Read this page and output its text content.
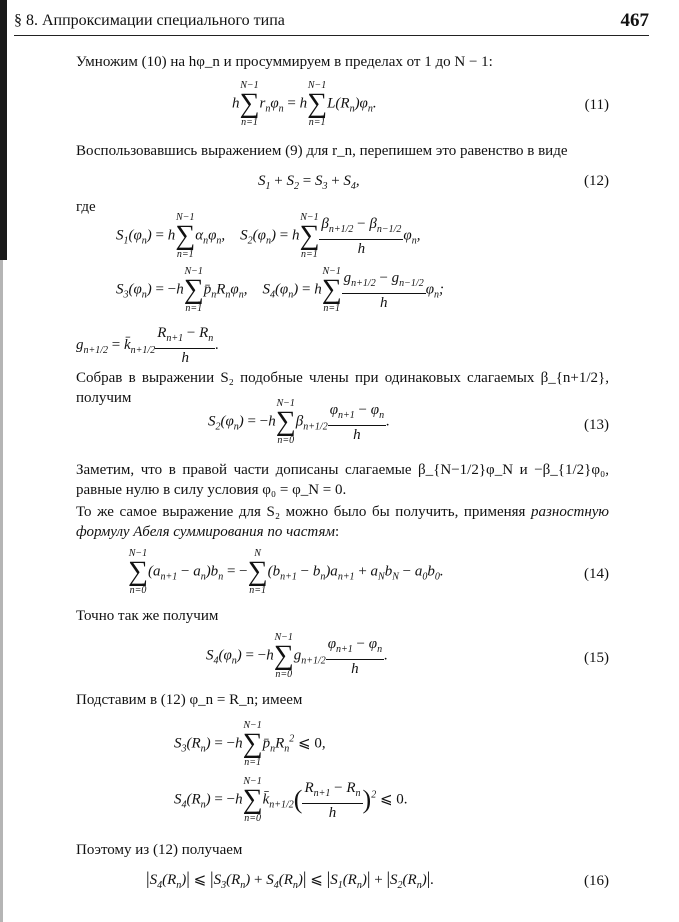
§ 8. Аппроксимации специального типа	467
Умножим (10) на hφ_n и просуммируем в пределах от 1 до N − 1:
h
N−1
∑
n=1
$r_n\varphi_n = h$
N−1
∑
n=1
$L(R_n)\varphi_n$.	(11)
Воспользовавшись выражением (9) для r_n, перепишем это равенство в виде
$S_1 + S_2 = S_3 + S_4$,	(12)
где
$S_1(\varphi_n) = h$
N−1
∑
n=1
$\alpha_n\varphi_n$,    $S_2(\varphi_n) = h$
N−1
∑
$n=1 \frac{\beta_{n+1/2} - \beta_{n-1/2}}{h} \varphi_n$,
$S_3(\varphi_n) = -h$
N−1
∑
n=1
$p̄_nR_n\varphi_n$,    $S_4(\varphi_n) = h$
N−1
∑
$n=1 \frac{g_{n+1/2} - g_{n-1/2}}{h} \varphi_n$;
$g_{n+1/2}$ = $k̄_{n+1/2} \frac{R_{n+1} - R_n}{h}$ .
Собрав в выражении S₂ подобные члены при одинаковых слагаемых β_{n+1/2}, получим
$S_2(\varphi_n) = -h$
N−1
∑
n=0
$\beta_{n+1/2} \frac{\varphi_{n+1} - \varphi_n}{h}$ .	(13)
Заметим, что в правой части дописаны слагаемые β_{N−1/2}φ_N и −β_{1/2}φ₀, равные нулю в силу условия φ₀ = φ_N = 0.
То же самое выражение для S₂ можно было бы получить, применяя разностную формулу Абеля суммирования по частям:
N−1
∑
n=0
$(a_{n+1} - a_n)b_n$ = −
N
∑
n=1
$(b_{n+1} - b_n)a_{n+1} + a_Nb_N - a_0b_0$.	(14)
Точно так же получим
$S_4(\varphi_n) = -h$
N−1
∑
n=0
$g_{n+1/2} \frac{\varphi_{n+1} - \varphi_n}{h}$ .	(15)
Подставим в (12) φ_n = R_n; имеем
$S_3(R_n) = -h$
N−1
∑
n=1
$p̄_nR_n^2$ ⩽ 0,
$S_4(R_n) = -h$
N−1
∑
n=0
$k̄_{n+1/2}( \frac{R_{n+1} - R_n}{h} )^2$ ⩽ 0.
Поэтому из (12) получаем
$|S_4(R_n)|$ ⩽ $|S_3(R_n) + S_4(R_n)|$ ⩽ $|S_1(R_n)| + |S_2(R_n)|$.	(16)
